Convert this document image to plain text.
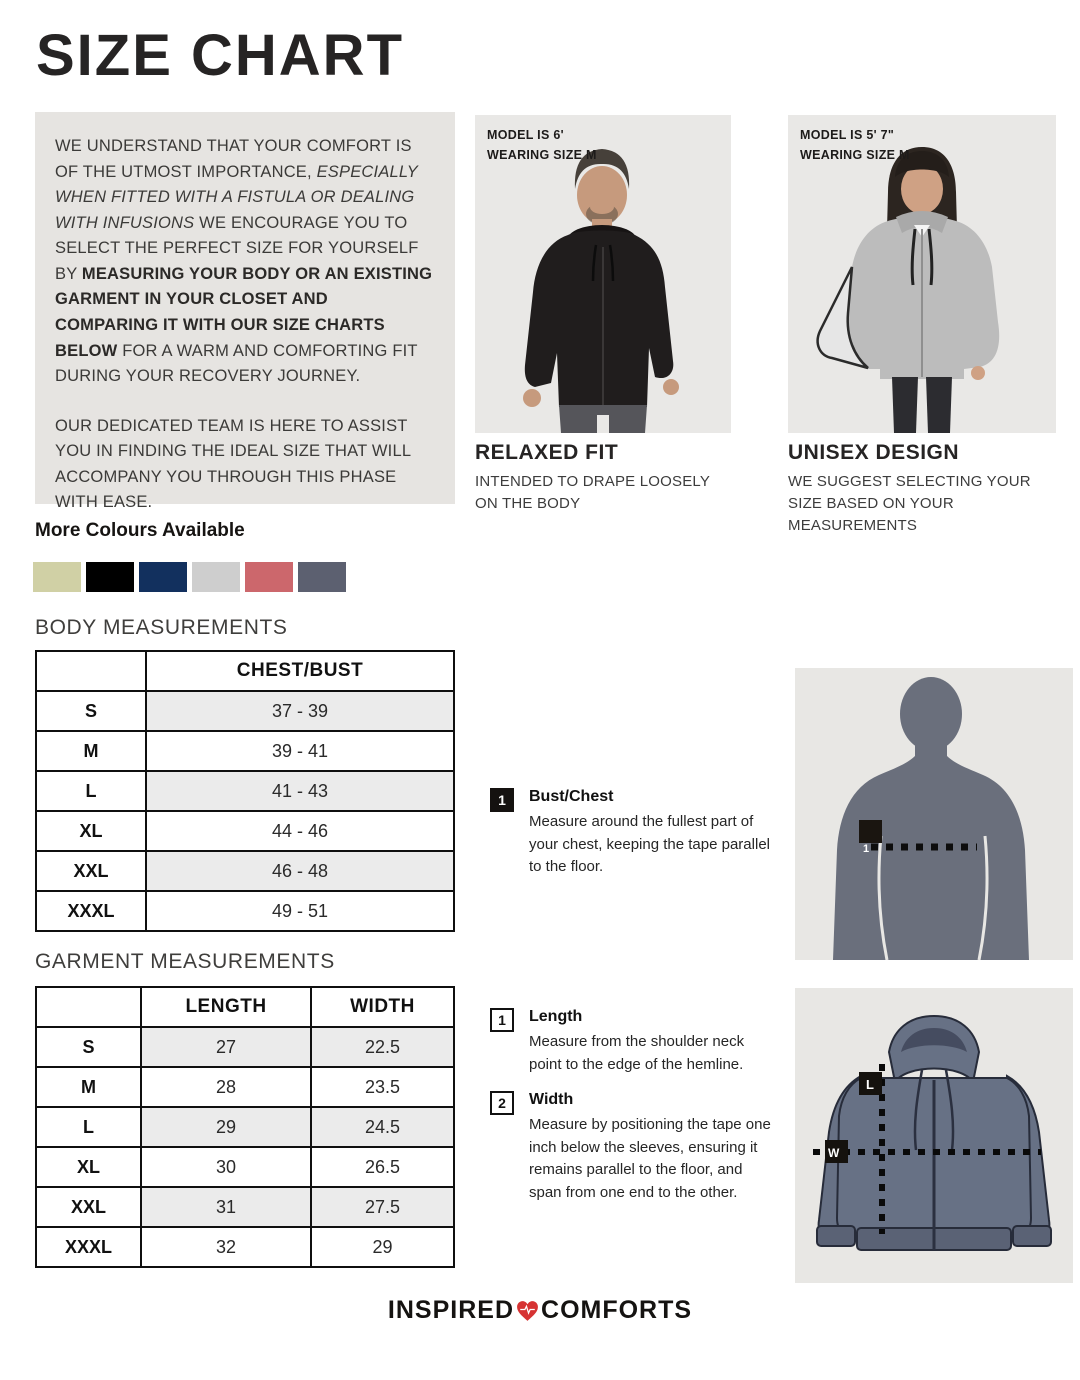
SIZE CHART

WE UNDERSTAND THAT YOUR COMFORT IS OF THE UTMOST IMPORTANCE, ESPECIALLY WHEN FITTED WITH A FISTULA OR DEALING WITH INFUSIONS WE ENCOURAGE YOU TO SELECT THE PERFECT SIZE FOR YOURSELF BY MEASURING YOUR BODY OR AN EXISTING GARMENT IN YOUR CLOSET AND COMPARING IT WITH OUR SIZE CHARTS BELOW FOR A WARM AND COMFORTING FIT DURING YOUR RECOVERY JOURNEY.

OUR DEDICATED TEAM IS HERE TO ASSIST YOU IN FINDING THE IDEAL SIZE THAT WILL ACCOMPANY YOU THROUGH THIS PHASE WITH EASE.

MODEL IS 6'
WEARING SIZE M
MODEL IS 5' 7"
WEARING SIZE M
RELAXED FIT

INTENDED TO DRAPE LOOSELY ON THE BODY

UNISEX DESIGN

WE SUGGEST SELECTING YOUR SIZE BASED ON YOUR MEASUREMENTS

More Colours Available
BODY MEASUREMENTS
	CHEST/BUST
S	37 - 39
M	39 - 41
L	41 - 43
XL	44 - 46
XXL	46 - 48
XXXL	49 - 51
GARMENT MEASUREMENTS
	LENGTH	WIDTH
S	27	22.5
M	28	23.5
L	29	24.5
XL	30	26.5
XXL	31	27.5
XXXL	32	29
1	Bust/Chest

Measure around the fullest part of your chest, keeping the tape parallel to the floor.

1
1	Length

Measure from the shoulder neck point to the edge of the hemline.

2	Width

Measure by positioning the tape one inch below the sleeves, ensuring it remains parallel to the floor, and span from one end to the other.

L
W
INSPIRED COMFORTS
